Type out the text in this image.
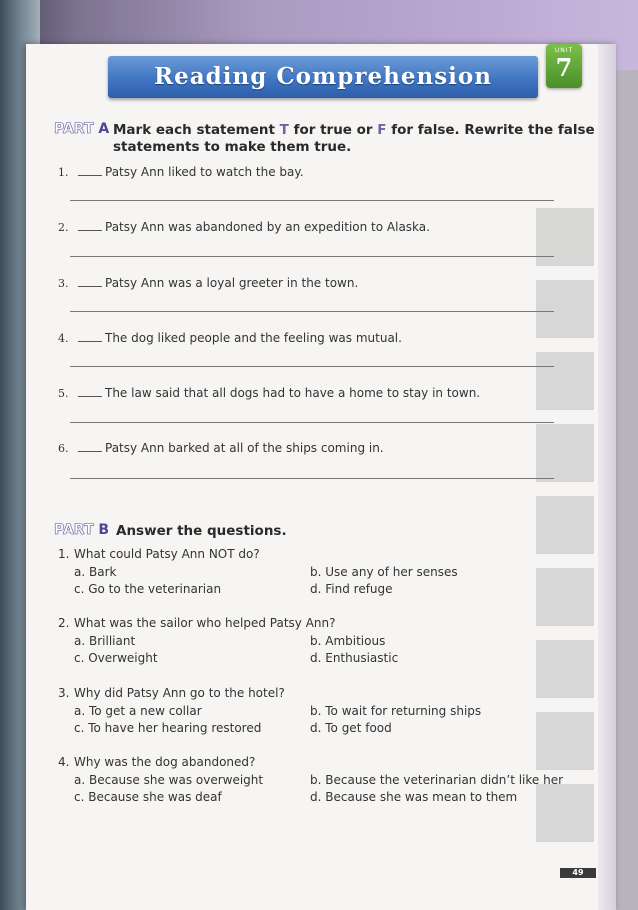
Reading Comprehension
UNIT
7
PART A Mark each statement T for true or F for false. Rewrite the false
statements to make them true.
1.	Patsy Ann liked to watch the bay.
2.	Patsy Ann was abandoned by an expedition to Alaska.
3.	Patsy Ann was a loyal greeter in the town.
4.	The dog liked people and the feeling was mutual.
5.	The law said that all dogs had to have a home to stay in town.
6.	Patsy Ann barked at all of the ships coming in.
PART B Answer the questions.
1. What could Patsy Ann NOT do?
a. Bark	b. Use any of her senses
c. Go to the veterinarian	d. Find refuge
2. What was the sailor who helped Patsy Ann?
a. Brilliant	b. Ambitious
c. Overweight	d. Enthusiastic
3. Why did Patsy Ann go to the hotel?
a. To get a new collar	b. To wait for returning ships
c. To have her hearing restored	d. To get food
4. Why was the dog abandoned?
a. Because she was overweight	b. Because the veterinarian didn’t like her
c. Because she was deaf	d. Because she was mean to them
49
